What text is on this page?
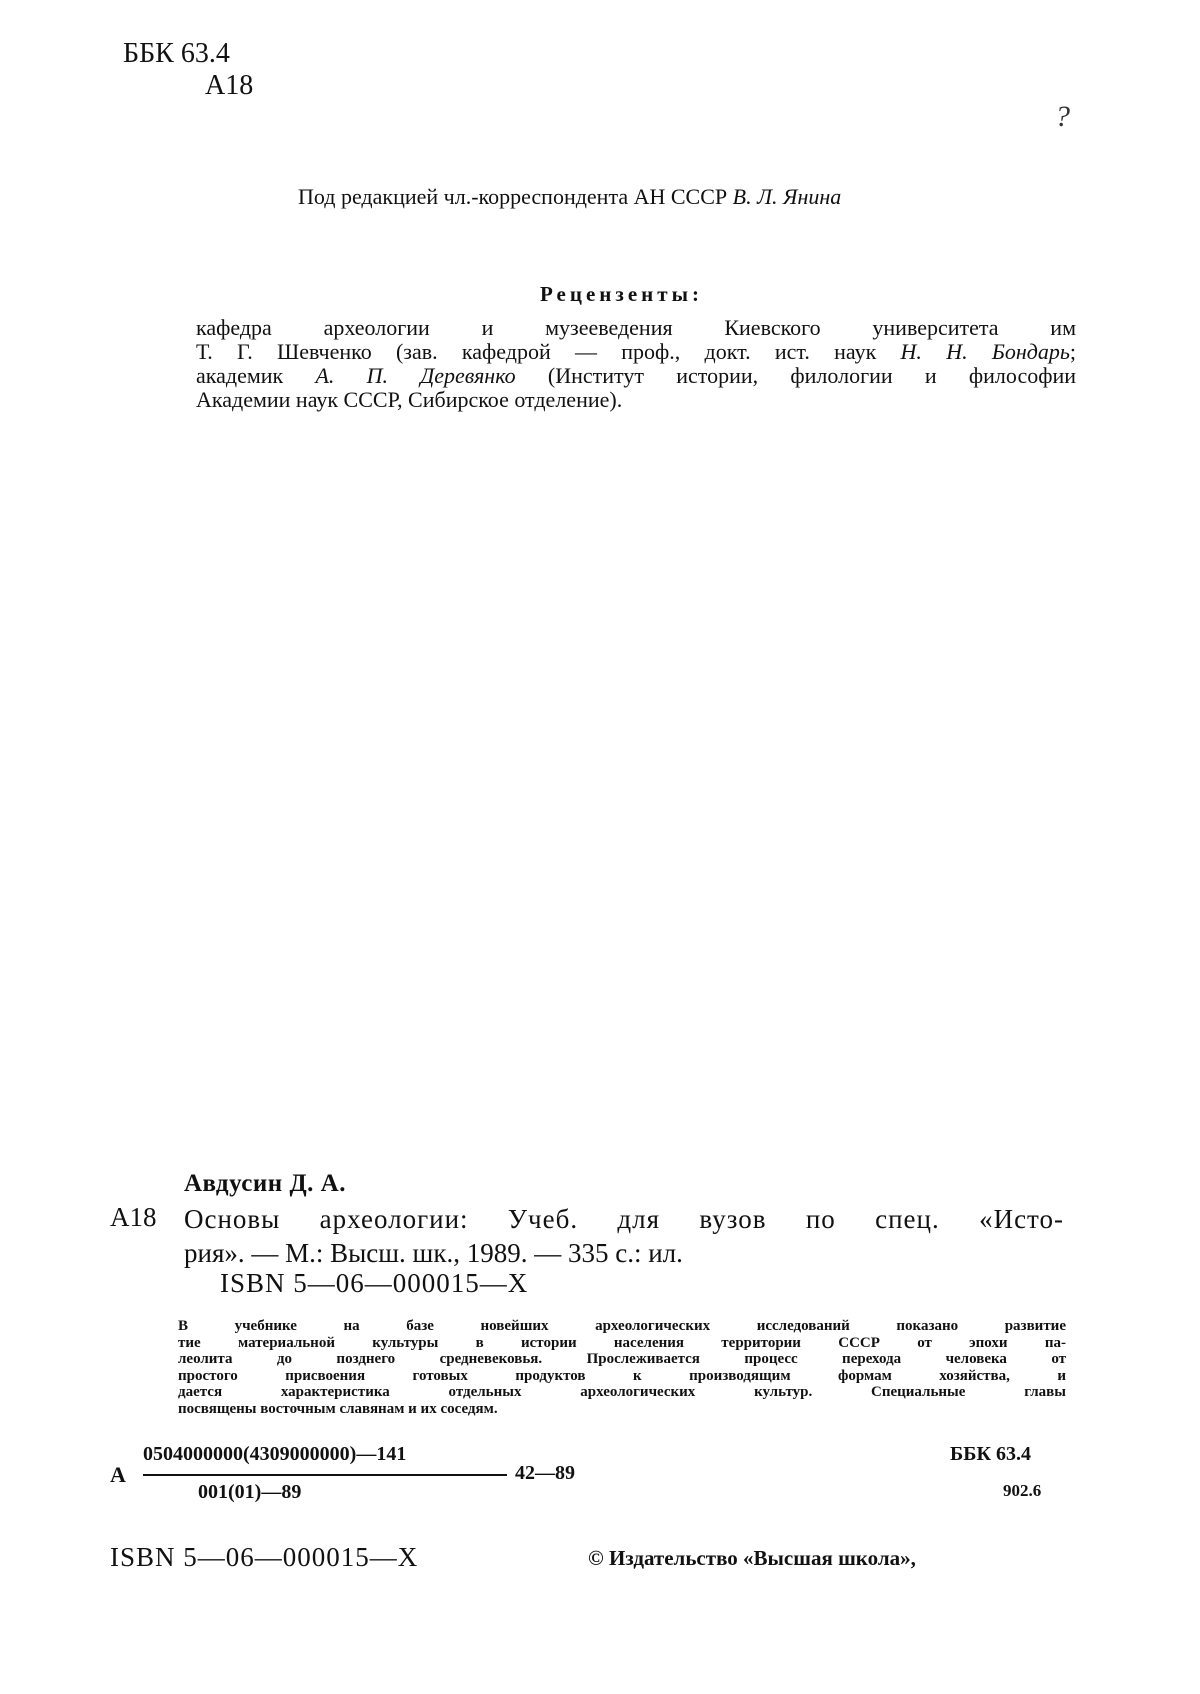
ББК 63.4
А18
?
Под редакцией чл.-корреспондента АН СССР В. Л. Янина
Рецензенты:
кафедра археологии и музееведения Киевского университета им
Т. Г. Шевченко (зав. кафедрой — проф., докт. ист. наук Н. Н. Бондарь;
академик А. П. Деревянко (Институт истории, филологии и философии
Академии наук СССР, Сибирское отделение).
Авдусин Д. А.
А18 Основы археологии: Учеб. для вузов по спец. «Исто-
рия». — М.: Высш. шк., 1989. — 335 с.: ил.
ISBN 5—06—000015—Х
В учебнике на базе новейших археологических исследований показано развитие
тие материальной культуры в истории населения территории СССР от эпохи па-
леолита до позднего средневековья. Прослеживается процесс перехода человека от
простого присвоения готовых продуктов к производящим формам хозяйства, и
дается характеристика отдельных археологических культур. Специальные главы
посвящены восточным славянам и их соседям.
А
0504000000(4309000000)—141
001(01)—89
42—89
ББК 63.4
902.6
ISBN 5—06—000015—Х	© Издательство «Высшая школа»,
